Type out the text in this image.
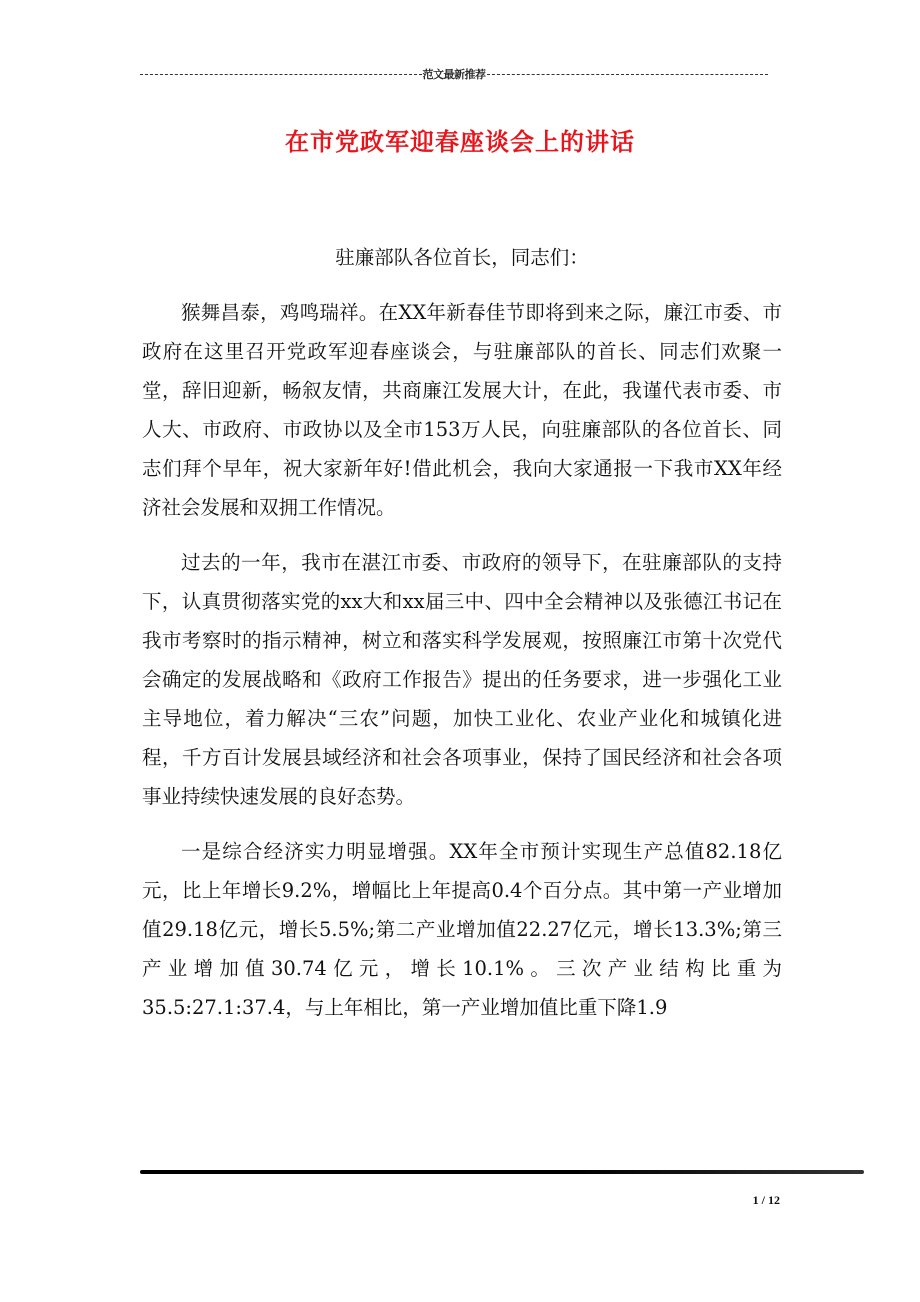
范文最新推荐
在市党政军迎春座谈会上的讲话

驻廉部队各位首长，同志们：

猴舞昌泰，鸡鸣瑞祥。在XX年新春佳节即将到来之际，廉江市委、市政府在这里召开党政军迎春座谈会，与驻廉部队的首长、同志们欢聚一堂，辞旧迎新，畅叙友情，共商廉江发展大计，在此，我谨代表市委、市人大、市政府、市政协以及全市153万人民，向驻廉部队的各位首长、同志们拜个早年，祝大家新年好!借此机会，我向大家通报一下我市XX年经济社会发展和双拥工作情况。

过去的一年，我市在湛江市委、市政府的领导下，在驻廉部队的支持下，认真贯彻落实党的xx大和xx届三中、四中全会精神以及张德江书记在我市考察时的指示精神，树立和落实科学发展观，按照廉江市第十次党代会确定的发展战略和《政府工作报告》提出的任务要求，进一步强化工业主导地位，着力解决“三农”问题，加快工业化、农业产业化和城镇化进程，千方百计发展县域经济和社会各项事业，保持了国民经济和社会各项事业持续快速发展的良好态势。

一是综合经济实力明显增强。XX年全市预计实现生产总值82.18亿元，比上年增长9.2%，增幅比上年提高0.4个百分点。其中第一产业增加值29.18亿元，增长5.5%;第二产业增加值22.27亿元，增长13.3%;第三产业增加值30.74亿元，增长10.1%。三次产业结构比重为35.5:27.1:37.4，与上年相比，第一产业增加值比重下降1.9

1 / 12
